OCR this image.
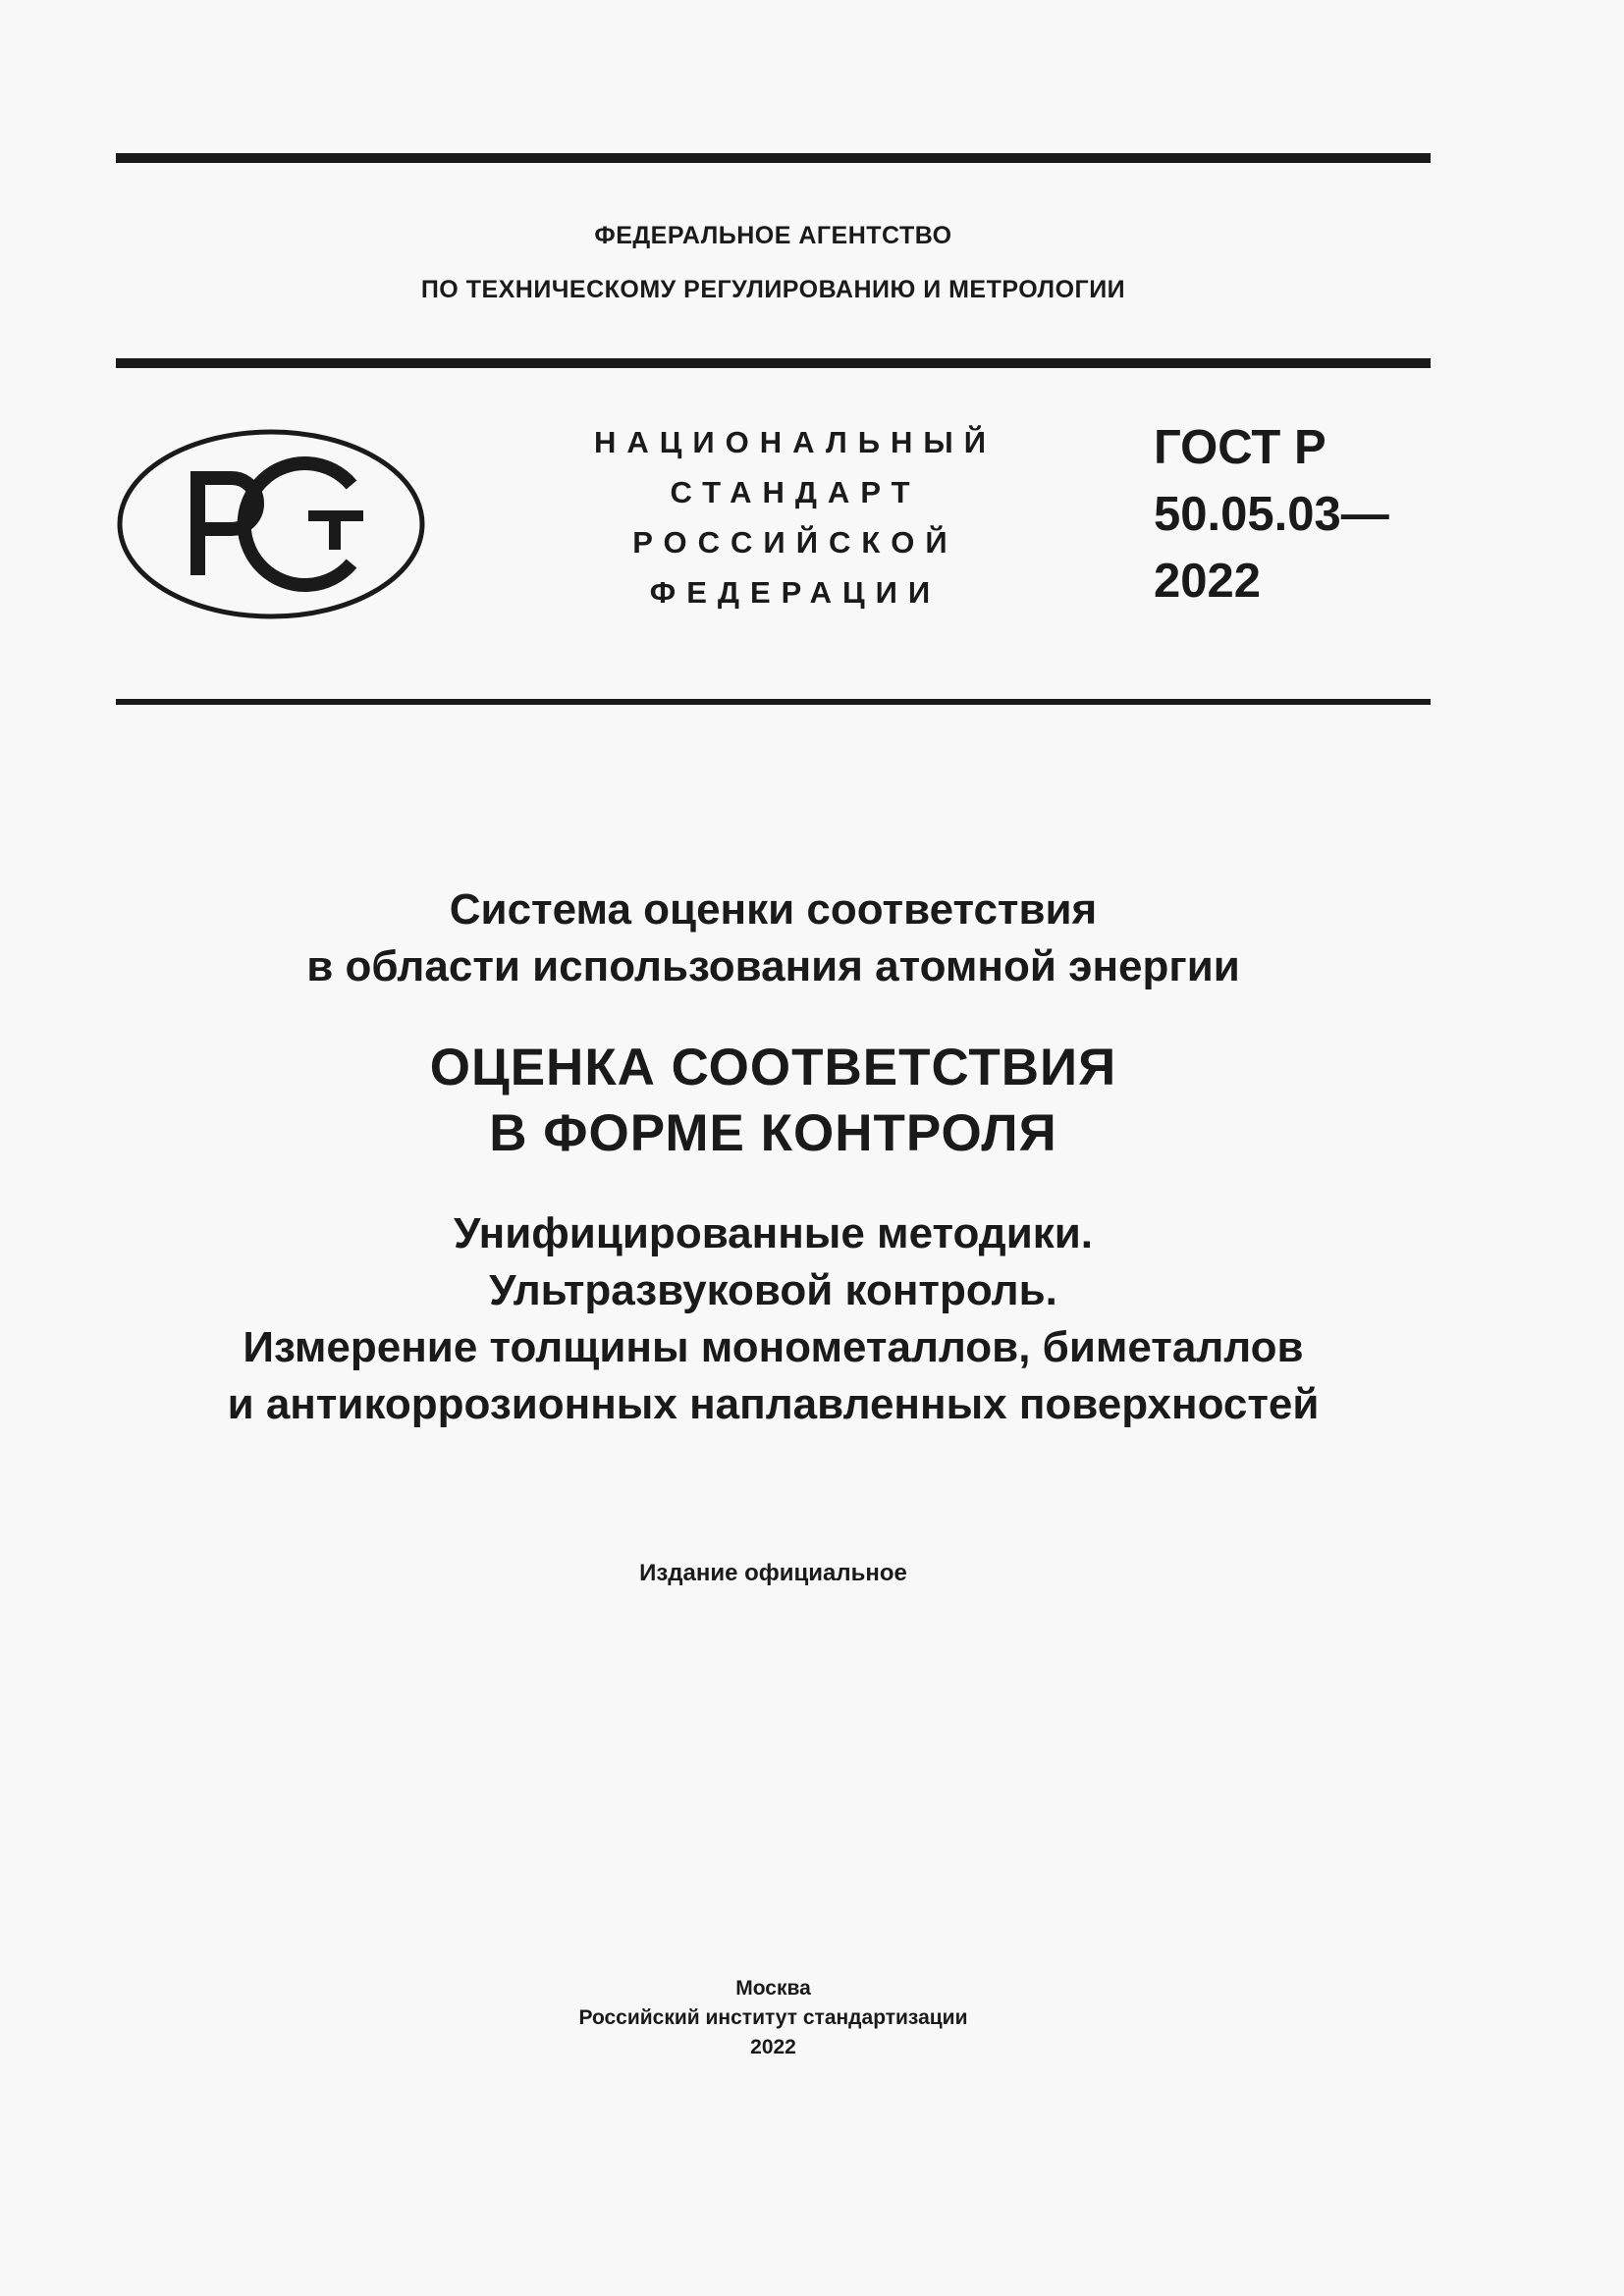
ФЕДЕРАЛЬНОЕ АГЕНТСТВО
ПО ТЕХНИЧЕСКОМУ РЕГУЛИРОВАНИЮ И МЕТРОЛОГИИ
НАЦИОНАЛЬНЫЙ
СТАНДАРТ
РОССИЙСКОЙ
ФЕДЕРАЦИИ
ГОСТ Р
50.05.03—
2022
Система оценки соответствия
в области использования атомной энергии
ОЦЕНКА СООТВЕТСТВИЯ
В ФОРМЕ КОНТРОЛЯ
Унифицированные методики.
Ультразвуковой контроль.
Измерение толщины монометаллов, биметаллов
и антикоррозионных наплавленных поверхностей
Издание официальное
Москва
Российский институт стандартизации
2022
